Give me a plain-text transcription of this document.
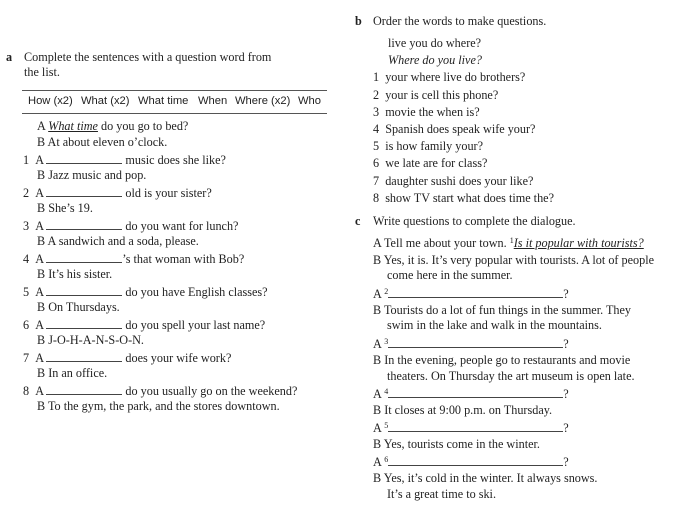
a Complete the sentences with a question word from
the list.
How (x2) What (x2) What time When Where (x2) Who
A What time do you go to bed?
B At about eleven o’clock.
1 A	music does she like?
B Jazz music and pop.
2 A	old is your sister?
B She’s 19.
3 A	do you want for lunch?
B A sandwich and a soda, please.
4 A	’s that woman with Bob?
B It’s his sister.
5 A	do you have English classes?
B On Thursdays.
6 A	do you spell your last name?
B J-O-H-A-N-S-O-N.
7 A	does your wife work?
B In an office.
8 A	do you usually go on the weekend?
B To the gym, the park, and the stores downtown.
b Order the words to make questions.
live you do where?
Where do you live?
1 your where live do brothers?
2 your is cell this phone?
3 movie the when is?
4 Spanish does speak wife your?
5 is how family your?
6 we late are for class?
7 daughter sushi does your like?
8 show TV start what does time the?
c Write questions to complete the dialogue.
A Tell me about your town. $^1$Is it popular with tourists?
B Yes, it is. It’s very popular with tourists. A lot of people
come here in the summer.
A $^2$	?
B Tourists do a lot of fun things in the summer. They
swim in the lake and walk in the mountains.
A $^3$	?
B In the evening, people go to restaurants and movie
theaters. On Thursday the art museum is open late.
A $^4$	?
B It closes at 9:00 p.m. on Thursday.
A $^5$	?
B Yes, tourists come in the winter.
A $^6$	?
B Yes, it’s cold in the winter. It always snows.
It’s a great time to ski.
